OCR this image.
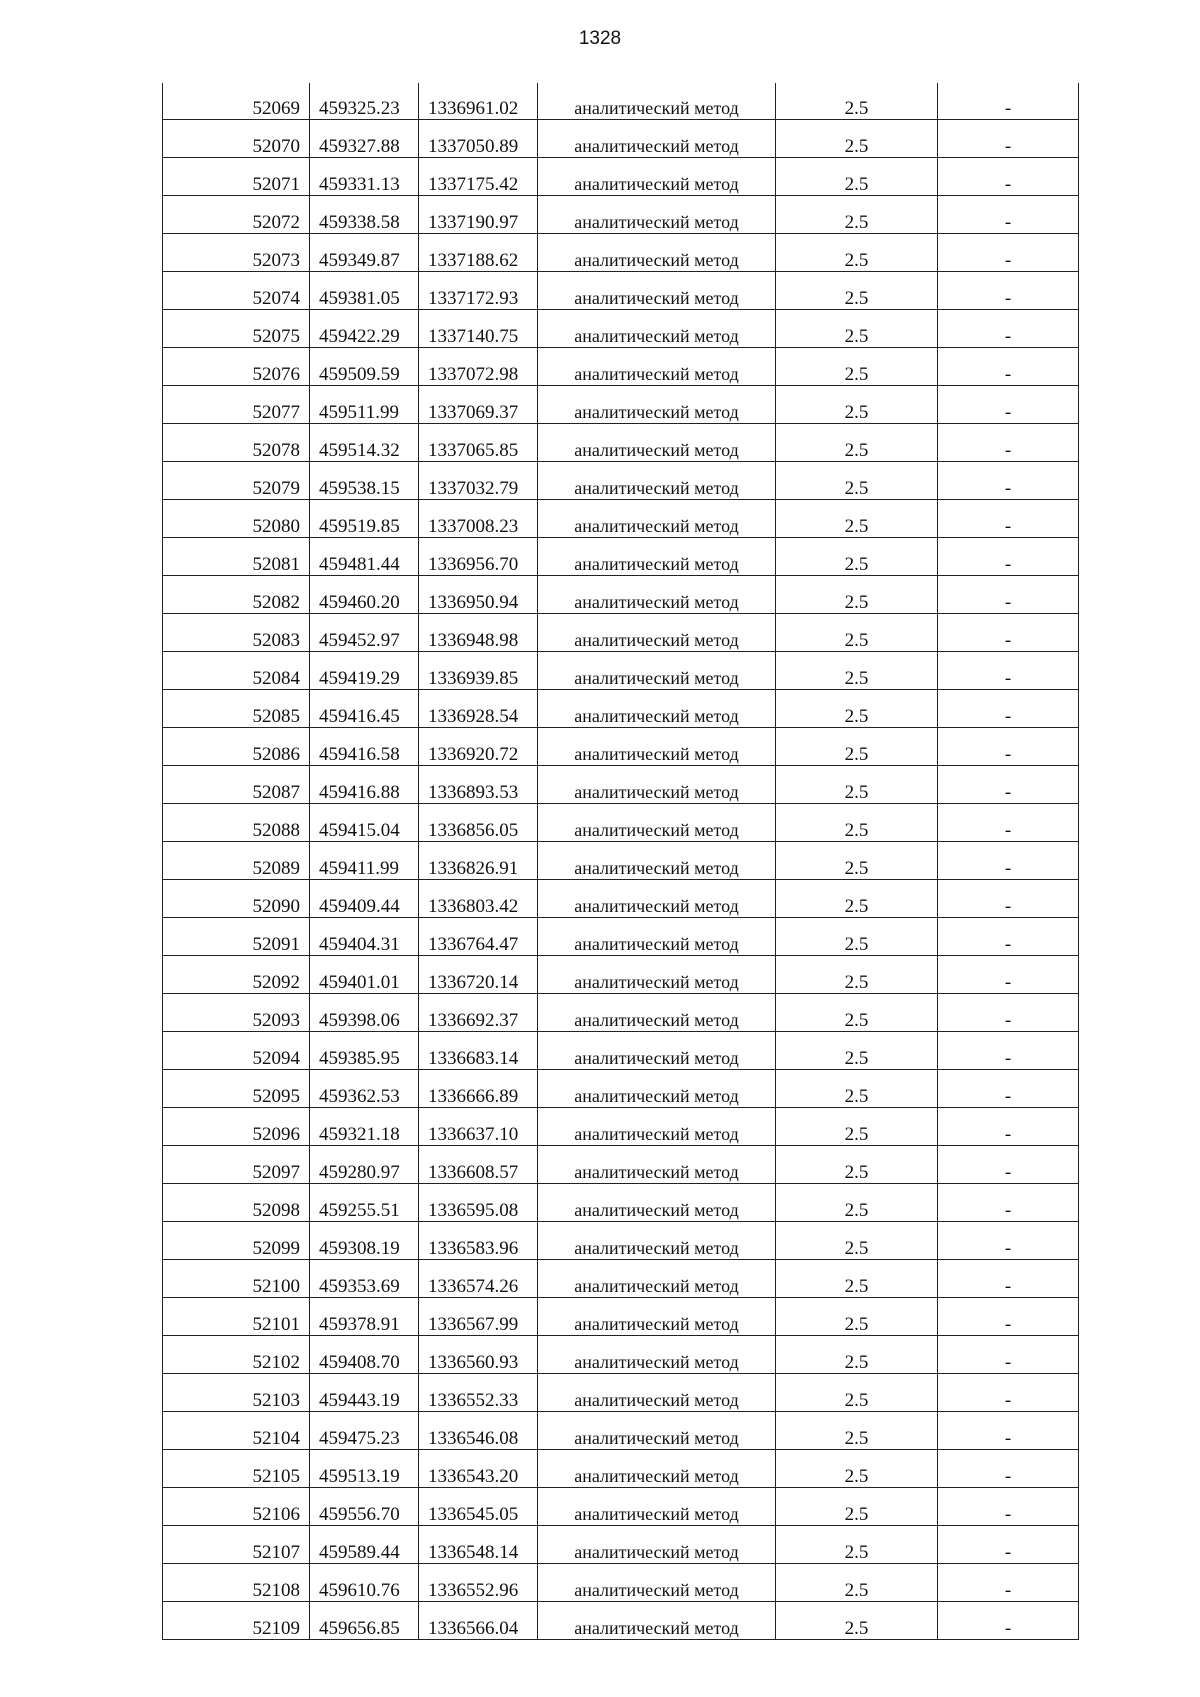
1328
52069	459325.23	1336961.02	аналитический метод	2.5	-
52070	459327.88	1337050.89	аналитический метод	2.5	-
52071	459331.13	1337175.42	аналитический метод	2.5	-
52072	459338.58	1337190.97	аналитический метод	2.5	-
52073	459349.87	1337188.62	аналитический метод	2.5	-
52074	459381.05	1337172.93	аналитический метод	2.5	-
52075	459422.29	1337140.75	аналитический метод	2.5	-
52076	459509.59	1337072.98	аналитический метод	2.5	-
52077	459511.99	1337069.37	аналитический метод	2.5	-
52078	459514.32	1337065.85	аналитический метод	2.5	-
52079	459538.15	1337032.79	аналитический метод	2.5	-
52080	459519.85	1337008.23	аналитический метод	2.5	-
52081	459481.44	1336956.70	аналитический метод	2.5	-
52082	459460.20	1336950.94	аналитический метод	2.5	-
52083	459452.97	1336948.98	аналитический метод	2.5	-
52084	459419.29	1336939.85	аналитический метод	2.5	-
52085	459416.45	1336928.54	аналитический метод	2.5	-
52086	459416.58	1336920.72	аналитический метод	2.5	-
52087	459416.88	1336893.53	аналитический метод	2.5	-
52088	459415.04	1336856.05	аналитический метод	2.5	-
52089	459411.99	1336826.91	аналитический метод	2.5	-
52090	459409.44	1336803.42	аналитический метод	2.5	-
52091	459404.31	1336764.47	аналитический метод	2.5	-
52092	459401.01	1336720.14	аналитический метод	2.5	-
52093	459398.06	1336692.37	аналитический метод	2.5	-
52094	459385.95	1336683.14	аналитический метод	2.5	-
52095	459362.53	1336666.89	аналитический метод	2.5	-
52096	459321.18	1336637.10	аналитический метод	2.5	-
52097	459280.97	1336608.57	аналитический метод	2.5	-
52098	459255.51	1336595.08	аналитический метод	2.5	-
52099	459308.19	1336583.96	аналитический метод	2.5	-
52100	459353.69	1336574.26	аналитический метод	2.5	-
52101	459378.91	1336567.99	аналитический метод	2.5	-
52102	459408.70	1336560.93	аналитический метод	2.5	-
52103	459443.19	1336552.33	аналитический метод	2.5	-
52104	459475.23	1336546.08	аналитический метод	2.5	-
52105	459513.19	1336543.20	аналитический метод	2.5	-
52106	459556.70	1336545.05	аналитический метод	2.5	-
52107	459589.44	1336548.14	аналитический метод	2.5	-
52108	459610.76	1336552.96	аналитический метод	2.5	-
52109	459656.85	1336566.04	аналитический метод	2.5	-
